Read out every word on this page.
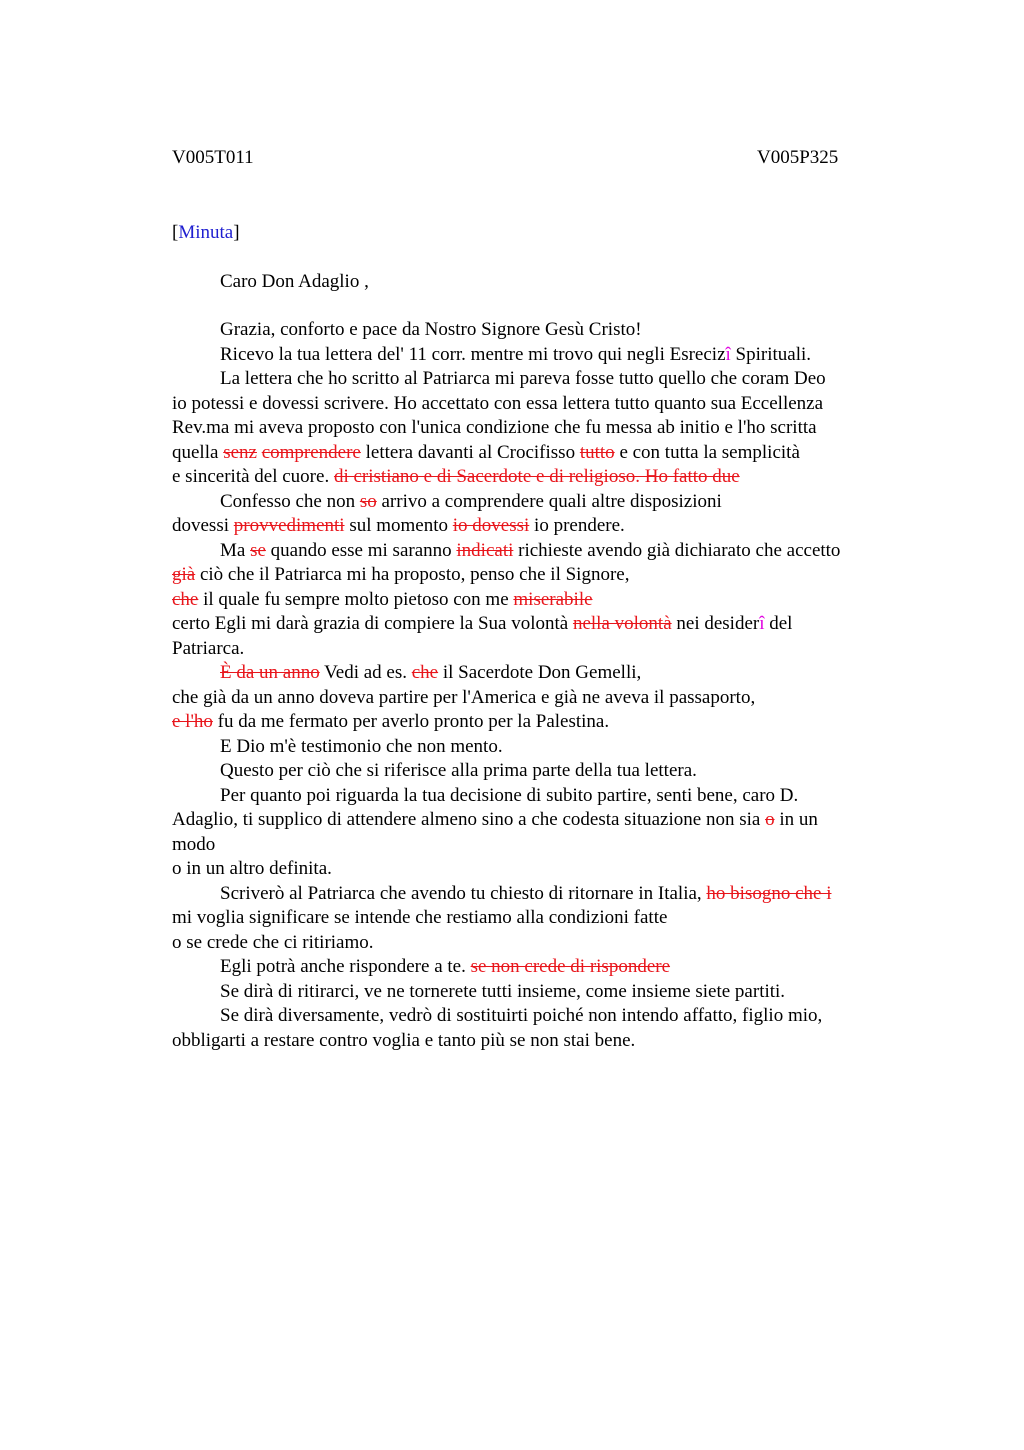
V005T011	V005P325
[Minuta]
Caro Don Adaglio ,
Grazia, conforto e pace da Nostro Signore Gesù Cristo!
Ricevo la tua lettera del' 11 corr. mentre mi trovo qui negli Esrecizî Spirituali.
La lettera che ho scritto al Patriarca mi pareva fosse tutto quello che coram Deo
io potessi e dovessi scrivere. Ho accettato con essa lettera tutto quanto sua Eccellenza
Rev.ma mi aveva proposto con l'unica condizione che fu messa ab initio e l'ho scritta
quella senz comprendere lettera davanti al Crocifisso tutto e con tutta la semplicità
e sincerità del cuore. di cristiano e di Sacerdote e di religioso. Ho fatto due
Confesso che non so arrivo a comprendere quali altre disposizioni
dovessi provvedimenti sul momento io dovessi io prendere.
Ma se quando esse mi saranno indicati richieste avendo già dichiarato che accetto
già ciò che il Patriarca mi ha proposto, penso che il Signore,
che il quale fu sempre molto pietoso con me miserabile
certo Egli mi darà grazia di compiere la Sua volontà nella volontà nei desiderî del
Patriarca.
È da un anno Vedi ad es. che il Sacerdote Don Gemelli,
che già da un anno doveva partire per l'America e già ne aveva il passaporto,
e l'ho fu da me fermato per averlo pronto per la Palestina.
E Dio m'è testimonio che non mento.
Questo per ciò che si riferisce alla prima parte della tua lettera.
Per quanto poi riguarda la tua decisione di subito partire, senti bene, caro D.
Adaglio, ti supplico di attendere almeno sino a che codesta situazione non sia o in un
modo
o in un altro definita.
Scriverò al Patriarca che avendo tu chiesto di ritornare in Italia, ho bisogno che i
mi voglia significare se intende che restiamo alla condizioni fatte
o se crede che ci ritiriamo.
Egli potrà anche rispondere a te. se non crede di rispondere
Se dirà di ritirarci, ve ne tornerete tutti insieme, come insieme siete partiti.
Se dirà diversamente, vedrò di sostituirti poiché non intendo affatto, figlio mio,
obbligarti a restare contro voglia e tanto più se non stai bene.
